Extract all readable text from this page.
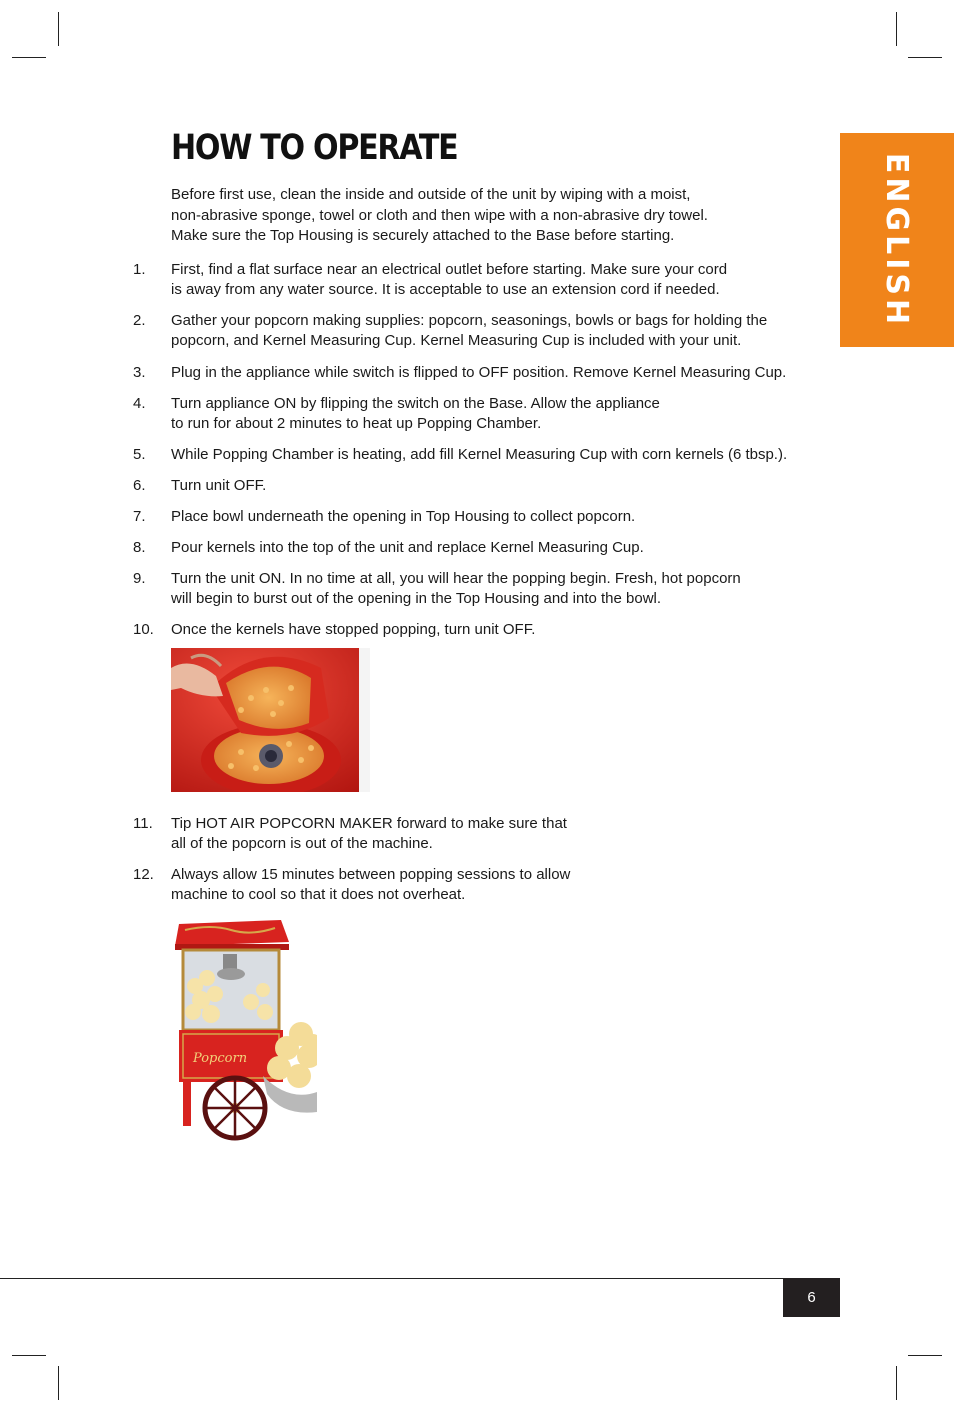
ENGLISH
HOW TO OPERATE
Before first use, clean the inside and outside of the unit by wiping with a moist,
non-abrasive sponge, towel or cloth and then wipe with a non-abrasive dry towel.
Make sure the Top Housing is securely attached to the Base before starting.
1. First, find a flat surface near an electrical outlet before starting. Make sure your cord
is away from any water source. It is acceptable to use an extension cord if needed.
2. Gather your popcorn making supplies: popcorn, seasonings, bowls or bags for holding the
popcorn, and Kernel Measuring Cup. Kernel Measuring Cup is included with your unit.
3. Plug in the appliance while switch is flipped to OFF position. Remove Kernel Measuring Cup.
4. Turn appliance ON by flipping the switch on the Base. Allow the appliance
to run for about 2 minutes to heat up Popping Chamber.
5. While Popping Chamber is heating, add fill Kernel Measuring Cup with corn kernels (6 tbsp.).
6. Turn unit OFF.
7. Place bowl underneath the opening in Top Housing to collect popcorn.
8. Pour kernels into the top of the unit and replace Kernel Measuring Cup.
9. Turn the unit ON. In no time at all, you will hear the popping begin. Fresh, hot popcorn
will begin to burst out of the opening in the Top Housing and into the bowl.
10. Once the kernels have stopped popping, turn unit OFF.
11. Tip HOT AIR POPCORN MAKER forward to make sure that
all of the popcorn is out of the machine.
12. Always allow 15 minutes between popping sessions to allow
machine to cool so that it does not overheat.
Popcorn
6
